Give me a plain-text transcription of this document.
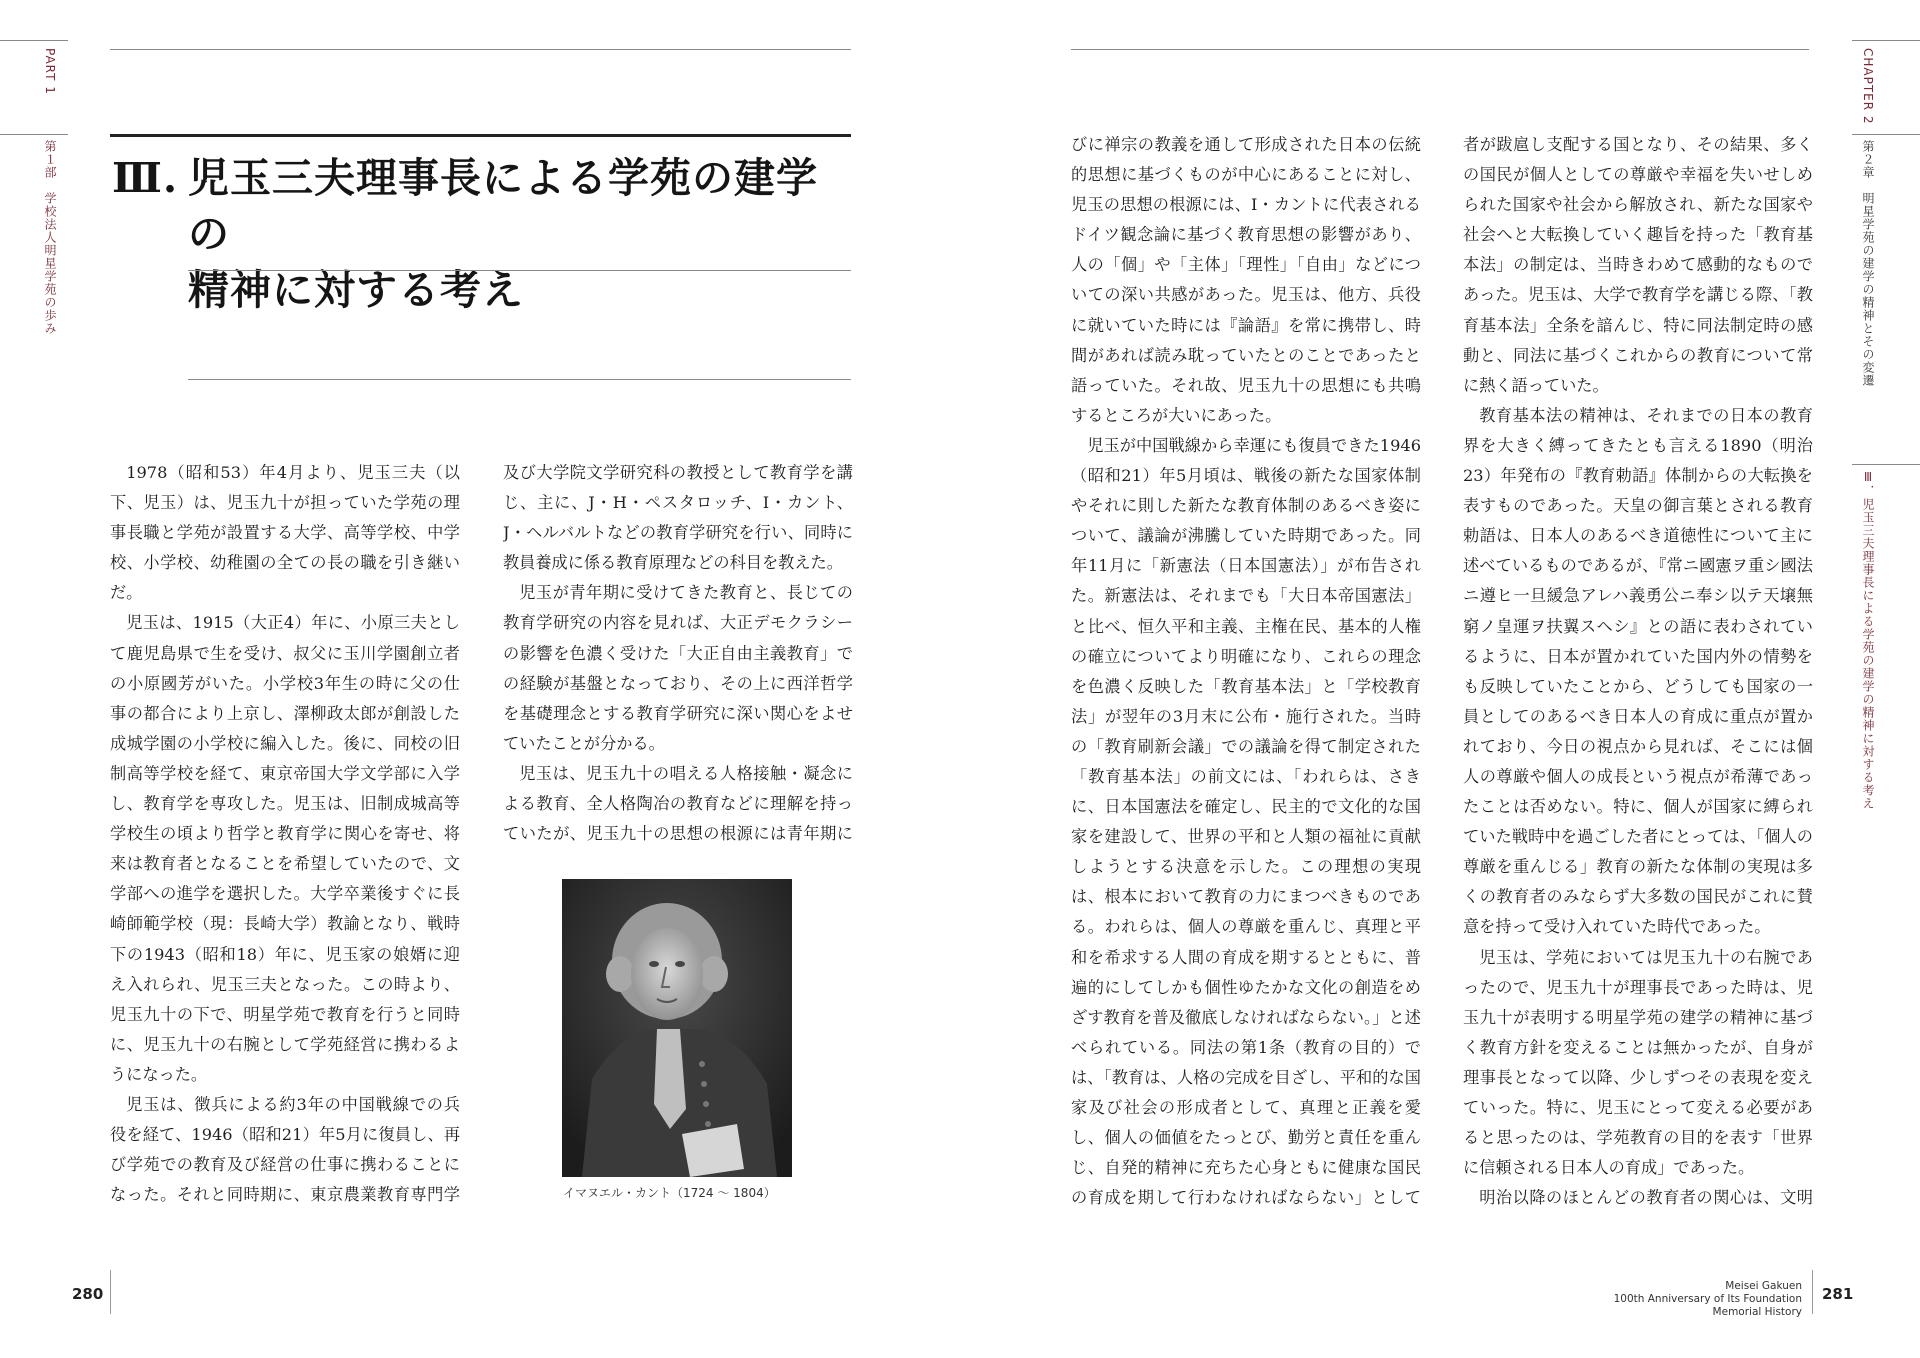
PART 1
第１部　学校法人明星学苑の歩み Ⅲ. 児玉三夫理事長による学苑の建学の
精神に対する考え

1978（昭和53）年4月より、児玉三夫（以下、児玉）は、児玉九十が担っていた学苑の理事長職と学苑が設置する大学、高等学校、中学校、小学校、幼稚園の全ての長の職を引き継いだ。

児玉は、1915（大正4）年に、小原三夫として鹿児島県で生を受け、叔父に玉川学園創立者の小原國芳がいた。小学校3年生の時に父の仕事の都合により上京し、澤柳政太郎が創設した成城学園の小学校に編入した。後に、同校の旧制高等学校を経て、東京帝国大学文学部に入学し、教育学を専攻した。児玉は、旧制成城高等学校生の頃より哲学と教育学に関心を寄せ、将来は教育者となることを希望していたので、文学部への進学を選択した。大学卒業後すぐに長崎師範学校（現：長崎大学）教諭となり、戦時下の1943（昭和18）年に、児玉家の娘婿に迎え入れられ、児玉三夫となった。この時より、児玉九十の下で、明星学苑で教育を行うと同時に、児玉九十の右腕として学苑経営に携わるようになった。

児玉は、徴兵による約3年の中国戦線での兵役を経て、1946（昭和21）年5月に復員し、再び学苑での教育及び経営の仕事に携わることになった。それと同時期に、東京農業教育専門学

及び大学院文学研究科の教授として教育学を講じ、主に、J・H・ペスタロッチ、I・カント、J・ヘルバルトなどの教育学研究を行い、同時に教員養成に係る教育原理などの科目を教えた。

児玉が青年期に受けてきた教育と、長じての教育学研究の内容を見れば、大正デモクラシーの影響を色濃く受けた「大正自由主義教育」での経験が基盤となっており、その上に西洋哲学を基礎理念とする教育学研究に深い関心をよせていたことが分かる。

児玉は、児玉九十の唱える人格接触・凝念による教育、全人格陶冶の教育などに理解を持っていたが、児玉九十の思想の根源には青年期に

イマヌエル・カント（1724 ～ 1804）
280
CHAPTER 2
第２章　明星学苑の建学の精神とその変遷
Ⅲ．児玉三夫理事長による学苑の建学の精神に対する考え

びに禅宗の教義を通して形成された日本の伝統的思想に基づくものが中心にあることに対し、児玉の思想の根源には、I・カントに代表されるドイツ観念論に基づく教育思想の影響があり、人の「個」や「主体」「理性」「自由」などについての深い共感があった。児玉は、他方、兵役に就いていた時には『論語』を常に携帯し、時間があれば読み耽っていたとのことであったと語っていた。それ故、児玉九十の思想にも共鳴するところが大いにあった。

児玉が中国戦線から幸運にも復員できた1946（昭和21）年5月頃は、戦後の新たな国家体制やそれに則した新たな教育体制のあるべき姿について、議論が沸騰していた時期であった。同年11月に「新憲法（日本国憲法）」が布告された。新憲法は、それまでも「大日本帝国憲法」と比べ、恒久平和主義、主権在民、基本的人権の確立についてより明確になり、これらの理念を色濃く反映した「教育基本法」と「学校教育法」が翌年の3月末に公布・施行された。当時の「教育刷新会議」での議論を得て制定された「教育基本法」の前文には、「われらは、さきに、日本国憲法を確定し、民主的で文化的な国家を建設して、世界の平和と人類の福祉に貢献しようとする決意を示した。この理想の実現は、根本において教育の力にまつべきものである。われらは、個人の尊厳を重んじ、真理と平和を希求する人間の育成を期するとともに、普遍的にしてしかも個性ゆたかな文化の創造をめざす教育を普及徹底しなければならない。」と述べられている。同法の第1条（教育の目的）では、「教育は、人格の完成を目ざし、平和的な国家及び社会の形成者として、真理と正義を愛し、個人の価値をたっとび、勤労と責任を重んじ、自発的精神に充ちた心身ともに健康な国民の育成を期して行わなければならない」として

者が跋扈し支配する国となり、その結果、多くの国民が個人としての尊厳や幸福を失いせしめられた国家や社会から解放され、新たな国家や社会へと大転換していく趣旨を持った「教育基本法」の制定は、当時きわめて感動的なものであった。児玉は、大学で教育学を講じる際、「教育基本法」全条を諳んじ、特に同法制定時の感動と、同法に基づくこれからの教育について常に熱く語っていた。

教育基本法の精神は、それまでの日本の教育界を大きく縛ってきたとも言える1890（明治23）年発布の『教育勅語』体制からの大転換を表すものであった。天皇の御言葉とされる教育勅語は、日本人のあるべき道徳性について主に述べているものであるが、『常ニ國憲ヲ重シ國法ニ遵ヒ一旦緩急アレハ義勇公ニ奉シ以テ天壌無窮ノ皇運ヲ扶翼スヘシ』との語に表わされているように、日本が置かれていた国内外の情勢をも反映していたことから、どうしても国家の一員としてのあるべき日本人の育成に重点が置かれており、今日の視点から見れば、そこには個人の尊厳や個人の成長という視点が希薄であったことは否めない。特に、個人が国家に縛られていた戦時中を過ごした者にとっては、「個人の尊厳を重んじる」教育の新たな体制の実現は多くの教育者のみならず大多数の国民がこれに賛意を持って受け入れていた時代であった。

児玉は、学苑においては児玉九十の右腕であったので、児玉九十が理事長であった時は、児玉九十が表明する明星学苑の建学の精神に基づく教育方針を変えることは無かったが、自身が理事長となって以降、少しずつその表現を変えていった。特に、児玉にとって変える必要があると思ったのは、学苑教育の目的を表す「世界に信頼される日本人の育成」であった。

明治以降のほとんどの教育者の関心は、文明

Meisei Gakuen
100th Anniversary of Its Foundation
Memorial History
281
